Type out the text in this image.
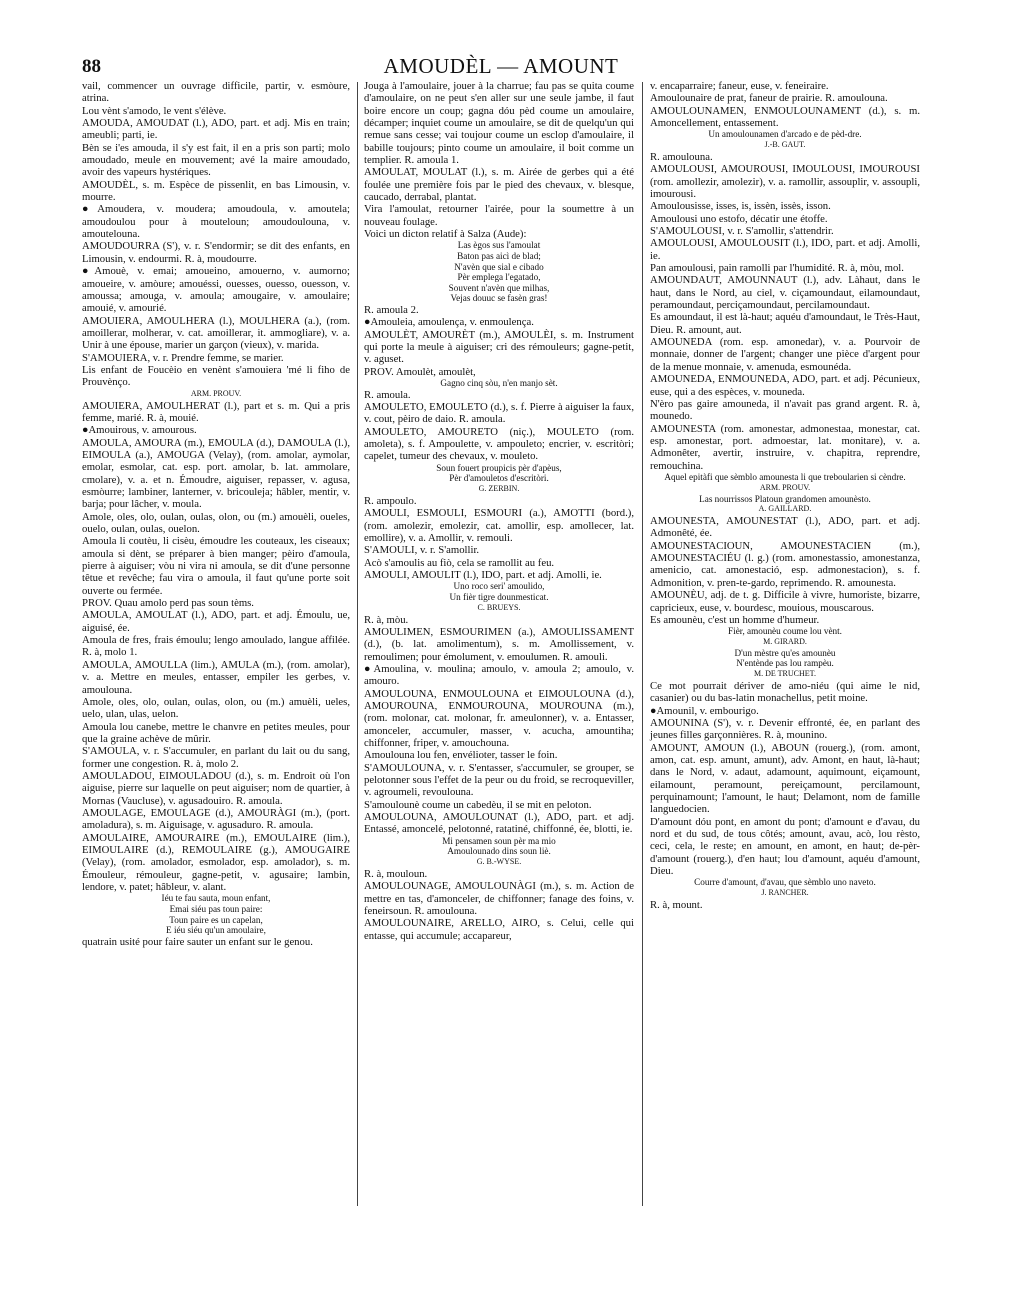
88	AMOUDÈL — AMOUNT

vail, commencer un ouvrage difficile, partir, v. esmòure, atrina.

Lou vènt s'amodo, le vent s'élève.

AMOUDA, AMOUDAT (l.), ADO, part. et adj. Mis en train; ameubli; parti, ie.

Bèn se i'es amouda, il s'y est fait, il en a pris son parti; molo amoudado, meule en mouvement; avé la maire amoudado, avoir des vapeurs hystériques.

AMOUDÈL, s. m. Espèce de pissenlit, en bas Limousin, v. mourre.

●Amoudera, v. moudera; amoudoula, v. amoutela; amoudoulou pour à mouteloun; amoudoulouna, v. amoutelouna.

AMOUDOURRA (S'), v. r. S'endormir; se dit des enfants, en Limousin, v. endourmi. R. à, moudourre.

●Amouè, v. emai; amoueino, amouerno, v. aumorno; amoueire, v. amòure; amouéssi, ouesses, ouesso, ouesson, v. amoussa; amouga, v. amoula; amougaire, v. amoulaire; amouié, v. amourié.

AMOUIERA, AMOULHERA (l.), MOULHERA (a.), (rom. amoillerar, molherar, v. cat. amoillerar, it. ammogliare), v. a. Unir à une épouse, marier un garçon (vieux), v. marida.

S'AMOUIERA, v. r. Prendre femme, se marier.

Lis enfant de Foucèio en venènt s'amouiera 'mé li fiho de Prouvènço.

ARM. PROUV.

AMOUIERA, AMOULHERAT (l.), part et s. m. Qui a pris femme, marié. R. à, mouié.

●Amouirous, v. amourous.

AMOULA, AMOURA (m.), EMOULA (d.), DAMOULA (l.), EIMOULA (a.), AMOUGA (Velay), (rom. amolar, aymolar, emolar, esmolar, cat. esp. port. amolar, b. lat. ammolare, cmolare), v. a. et n. Émoudre, aiguiser, repasser, v. agusa, esmòurre; lambiner, lanterner, v. bricouleja; hâbler, mentir, v. barja; pour lâcher, v. moula.

Amole, oles, olo, oulan, oulas, olon, ou (m.) amouèli, oueles, ouelo, oulan, oulas, ouelon.

Amoula li coutèu, li cisèu, émoudre les couteaux, les ciseaux; amoula si dènt, se préparer à bien manger; pèiro d'amoula, pierre à aiguiser; vòu ni vira ni amoula, se dit d'une personne têtue et revêche; fau vira o amoula, il faut qu'une porte soit ouverte ou fermée.

PROV. Quau amolo perd pas soun tèms.

AMOULA, AMOULAT (l.), ADO, part. et adj. Émoulu, ue, aiguisé, ée.

Amoula de fres, frais émoulu; lengo amoulado, langue affilée. R. à, molo 1.

AMOULA, AMOULLA (lim.), AMULA (m.), (rom. amolar), v. a. Mettre en meules, entasser, empiler les gerbes, v. amoulouna.

Amole, oles, olo, oulan, oulas, olon, ou (m.) amuèli, ueles, uelo, ulan, ulas, uelon.

Amoula lou canebe, mettre le chanvre en petites meules, pour que la graine achève de mûrir.

S'AMOULA, v. r. S'accumuler, en parlant du lait ou du sang, former une congestion. R. à, molo 2.

AMOULADOU, EIMOULADOU (d.), s. m. Endroit où l'on aiguise, pierre sur laquelle on peut aiguiser; nom de quartier, à Mornas (Vaucluse), v. agusadouiro. R. amoula.

AMOULAGE, EMOULAGE (d.), AMOURÀGI (m.), (port. amoladura), s. m. Aiguisage, v. agusaduro. R. amoula.

AMOULAIRE, AMOURAIRE (m.), EMOULAIRE (lim.), EIMOULAIRE (d.), REMOULAIRE (g.), AMOUGAIRE (Velay), (rom. amolador, esmolador, esp. amolador), s. m. Émouleur, rémouleur, gagne-petit, v. agusaire; lambin, lendore, v. patet; hâbleur, v. alant.

Iéu te fau sauta, moun enfant,

Emai siéu pas toun paire:

Toun paire es un capelan,

E iéu siéu qu'un amoulaire,

quatrain usité pour faire sauter un enfant sur le genou.

Jouga à l'amoulaire, jouer à la charrue; fau pas se quita coume d'amoulaire, on ne peut s'en aller sur une seule jambe, il faut boire encore un coup; gagna dóu pèd coume un amoulaire, décamper; inquiet coume un amoulaire, se dit de quelqu'un qui remue sans cesse; vai toujour coume un esclop d'amoulaire, il babille toujours; pinto coume un amoulaire, il boit comme un templier. R. amoula 1.

AMOULAT, MOULAT (l.), s. m. Airée de gerbes qui a été foulée une première fois par le pied des chevaux, v. blesque, caucado, derrabal, plantat.

Vira l'amoulat, retourner l'airée, pour la soumettre à un nouveau foulage.

Voici un dicton relatif à Salza (Aude):

Las ègos sus l'amoulat

Baton pas aicì de blad;

N'avèn que sial e cibado

Pèr emplega l'egatado,

Souvent n'avèn que milhas,

Vejas douuc se fasèn gras!

R. amoula 2.

●Amouleia, amoulença, v. enmoulença.

AMOULÈT, AMOURÈT (m.), AMOULÈI, s. m. Instrument qui porte la meule à aiguiser; cri des rémouleurs; gagne-petit, v. aguset.

PROV. Amoulèt, amoulèt,

Gagno cinq sòu, n'en manjo sèt.

R. amoula.

AMOULETO, EMOULETO (d.), s. f. Pierre à aiguiser la faux, v. cout, pèiro de daio. R. amoula.

AMOULETO, AMOURETO (niç.), MOULETO (rom. amoleta), s. f. Ampoulette, v. ampouleto; encrier, v. escritòri; capelet, tumeur des chevaux, v. mouleto.

Soun fouert proupicis pèr d'apèus,

Pèr d'amouletos d'escritòri.

G. ZERBIN.

R. ampoulo.

AMOULI, ESMOULI, ESMOURI (a.), AMOTTI (bord.), (rom. amolezir, emolezir, cat. amollir, esp. amollecer, lat. emollire), v. a. Amollir, v. remouli.

S'AMOULI, v. r. S'amollir.

Acò s'amoulis au fiò, cela se ramollit au feu.

AMOULI, AMOULIT (l.), IDO, part. et adj. Amolli, ie.

Uno roco seri' amoulido,

Un fièr tigre dounmesticat.

C. BRUEYS.

R. à, mòu.

AMOULIMEN, ESMOURIMEN (a.), AMOULISSAMENT (d.), (b. lat. amolimentum), s. m. Amollissement, v. remoulimen; pour émolument, v. emoulumen. R. amouli.

●Amoulina, v. moulina; amoulo, v. amoula 2; amoulo, v. amouro.

AMOULOUNA, ENMOULOUNA et EIMOULOUNA (d.), AMOUROUNA, ENMOUROUNA, MOUROUNA (m.), (rom. molonar, cat. molonar, fr. ameulonner), v. a. Entasser, amonceler, accumuler, masser, v. acucha, amountiha; chiffonner, friper, v. amouchouna.

Amoulouna lou fen, envélioter, tasser le foin.

S'AMOULOUNA, v. r. S'entasser, s'accumuler, se grouper, se pelotonner sous l'effet de la peur ou du froid, se recroqueviller, v. agroumeli, revoulouna.

S'amoulounè coume un cabedèu, il se mit en peloton.

AMOULOUNA, AMOULOUNAT (l.), ADO, part. et adj. Entassé, amoncelé, pelotonné, ratatiné, chiffonné, ée, blotti, ie.

Mi pensamen soun pèr ma mio

Amoulounado dins soun liè.

G. B.-WYSE.

R. à, mouloun.

AMOULOUNAGE, AMOULOUNÀGI (m.), s. m. Action de mettre en tas, d'amonceler, de chiffonner; fanage des foins, v. feneirsoun. R. amoulouna.

AMOULOUNAIRE, ARELLO, AIRO, s. Celui, celle qui entasse, qui accumule; accapareur,

v. encaparraire; faneur, euse, v. feneiraire.

Amoulounaire de prat, faneur de prairie. R. amoulouna.

AMOULOUNAMEN, ENMOULOUNAMENT (d.), s. m. Amoncellement, entassement.

Un amoulounamen d'arcado e de pèd-dre.

J.-B. GAUT.

R. amoulouna.

AMOULOUSI, AMOUROUSI, IMOULOUSI, IMOUROUSI (rom. amollezir, amolezir), v. a. ramollir, assouplir, v. assoupli, imourousi.

Amoulousisse, isses, is, issèn, issès, isson.

Amoulousi uno estofo, décatir une étoffe.

S'AMOULOUSI, v. r. S'amollir, s'attendrir.

AMOULOUSI, AMOULOUSIT (l.), IDO, part. et adj. Amolli, ie.

Pan amoulousi, pain ramolli par l'humidité. R. à, mòu, mol.

AMOUNDAUT, AMOUNNAUT (l.), adv. Làhaut, dans le haut, dans le Nord, au ciel, v. ciçamoundaut, eilamoundaut, peramoundaut, perciçamoundaut, percilamoundaut.

Es amoundaut, il est là-haut; aquéu d'amoundaut, le Très-Haut, Dieu. R. amount, aut.

AMOUNEDA (rom. esp. amonedar), v. a. Pourvoir de monnaie, donner de l'argent; changer une pièce d'argent pour de la menue monnaie, v. amenuda, esmounéda.

AMOUNEDA, ENMOUNEDA, ADO, part. et adj. Pécunieux, euse, qui a des espèces, v. mouneda.

N'èro pas gaire amouneda, il n'avait pas grand argent. R. à, mounedo.

AMOUNESTA (rom. amonestar, admonestaa, monestar, cat. esp. amonestar, port. admoestar, lat. monitare), v. a. Admonêter, avertir, instruire, v. chapitra, reprendre, remouchina.

Aquel epitàfi que sèmblo amounesta li que treboularien si cèndre.

ARM. PROUV.

Las nourrissos Platoun grandomen amounèsto.

A. GAILLARD.

AMOUNESTA, AMOUNESTAT (l.), ADO, part. et adj. Admonêté, ée.

AMOUNESTACIOUN, AMOUNESTACIEN (m.), AMOUNESTACIÉU (l. g.) (rom. amonestassio, amonestanza, amenicio, cat. amonestació, esp. admonestacion), s. f. Admonition, v. pren-te-gardo, reprimendo. R. amounesta.

AMOUNÈU, adj. de t. g. Difficile à vivre, humoriste, bizarre, capricieux, euse, v. bourdesc, mouious, mouscarous.

Es amounèu, c'est un homme d'humeur.

Fièr, amounèu coume lou vènt.

M. GIRARD.

D'un mèstre qu'es amounèu

N'entènde pas lou rampèu.

M. DE TRUCHET.

Ce mot pourrait dériver de amo-niéu (qui aime le nid, casanier) ou du bas-latin monachellus, petit moine.

●Amounil, v. embourigo.

AMOUNINA (S'), v. r. Devenir effronté, ée, en parlant des jeunes filles garçonnières. R. à, mounino.

AMOUNT, AMOUN (l.), ABOUN (rouerg.), (rom. amont, amon, cat. esp. amunt, amunt), adv. Amont, en haut, là-haut; dans le Nord, v. adaut, adamount, aquimount, eiçamount, eilamount, peramount, pereiçamount, percilamount, perquinamount; l'amount, le haut; Delamont, nom de famille languedocien.

D'amount dóu pont, en amont du pont; d'amount e d'avau, du nord et du sud, de tous côtés; amount, avau, acò, lou rèsto, ceci, cela, le reste; en amount, en amont, en haut; de-pèr-d'amount (rouerg.), d'en haut; lou d'amount, aquéu d'amount, Dieu.

Courre d'amount, d'avau, que sèmblo uno naveto.

J. RANCHER.

R. à, mount.
